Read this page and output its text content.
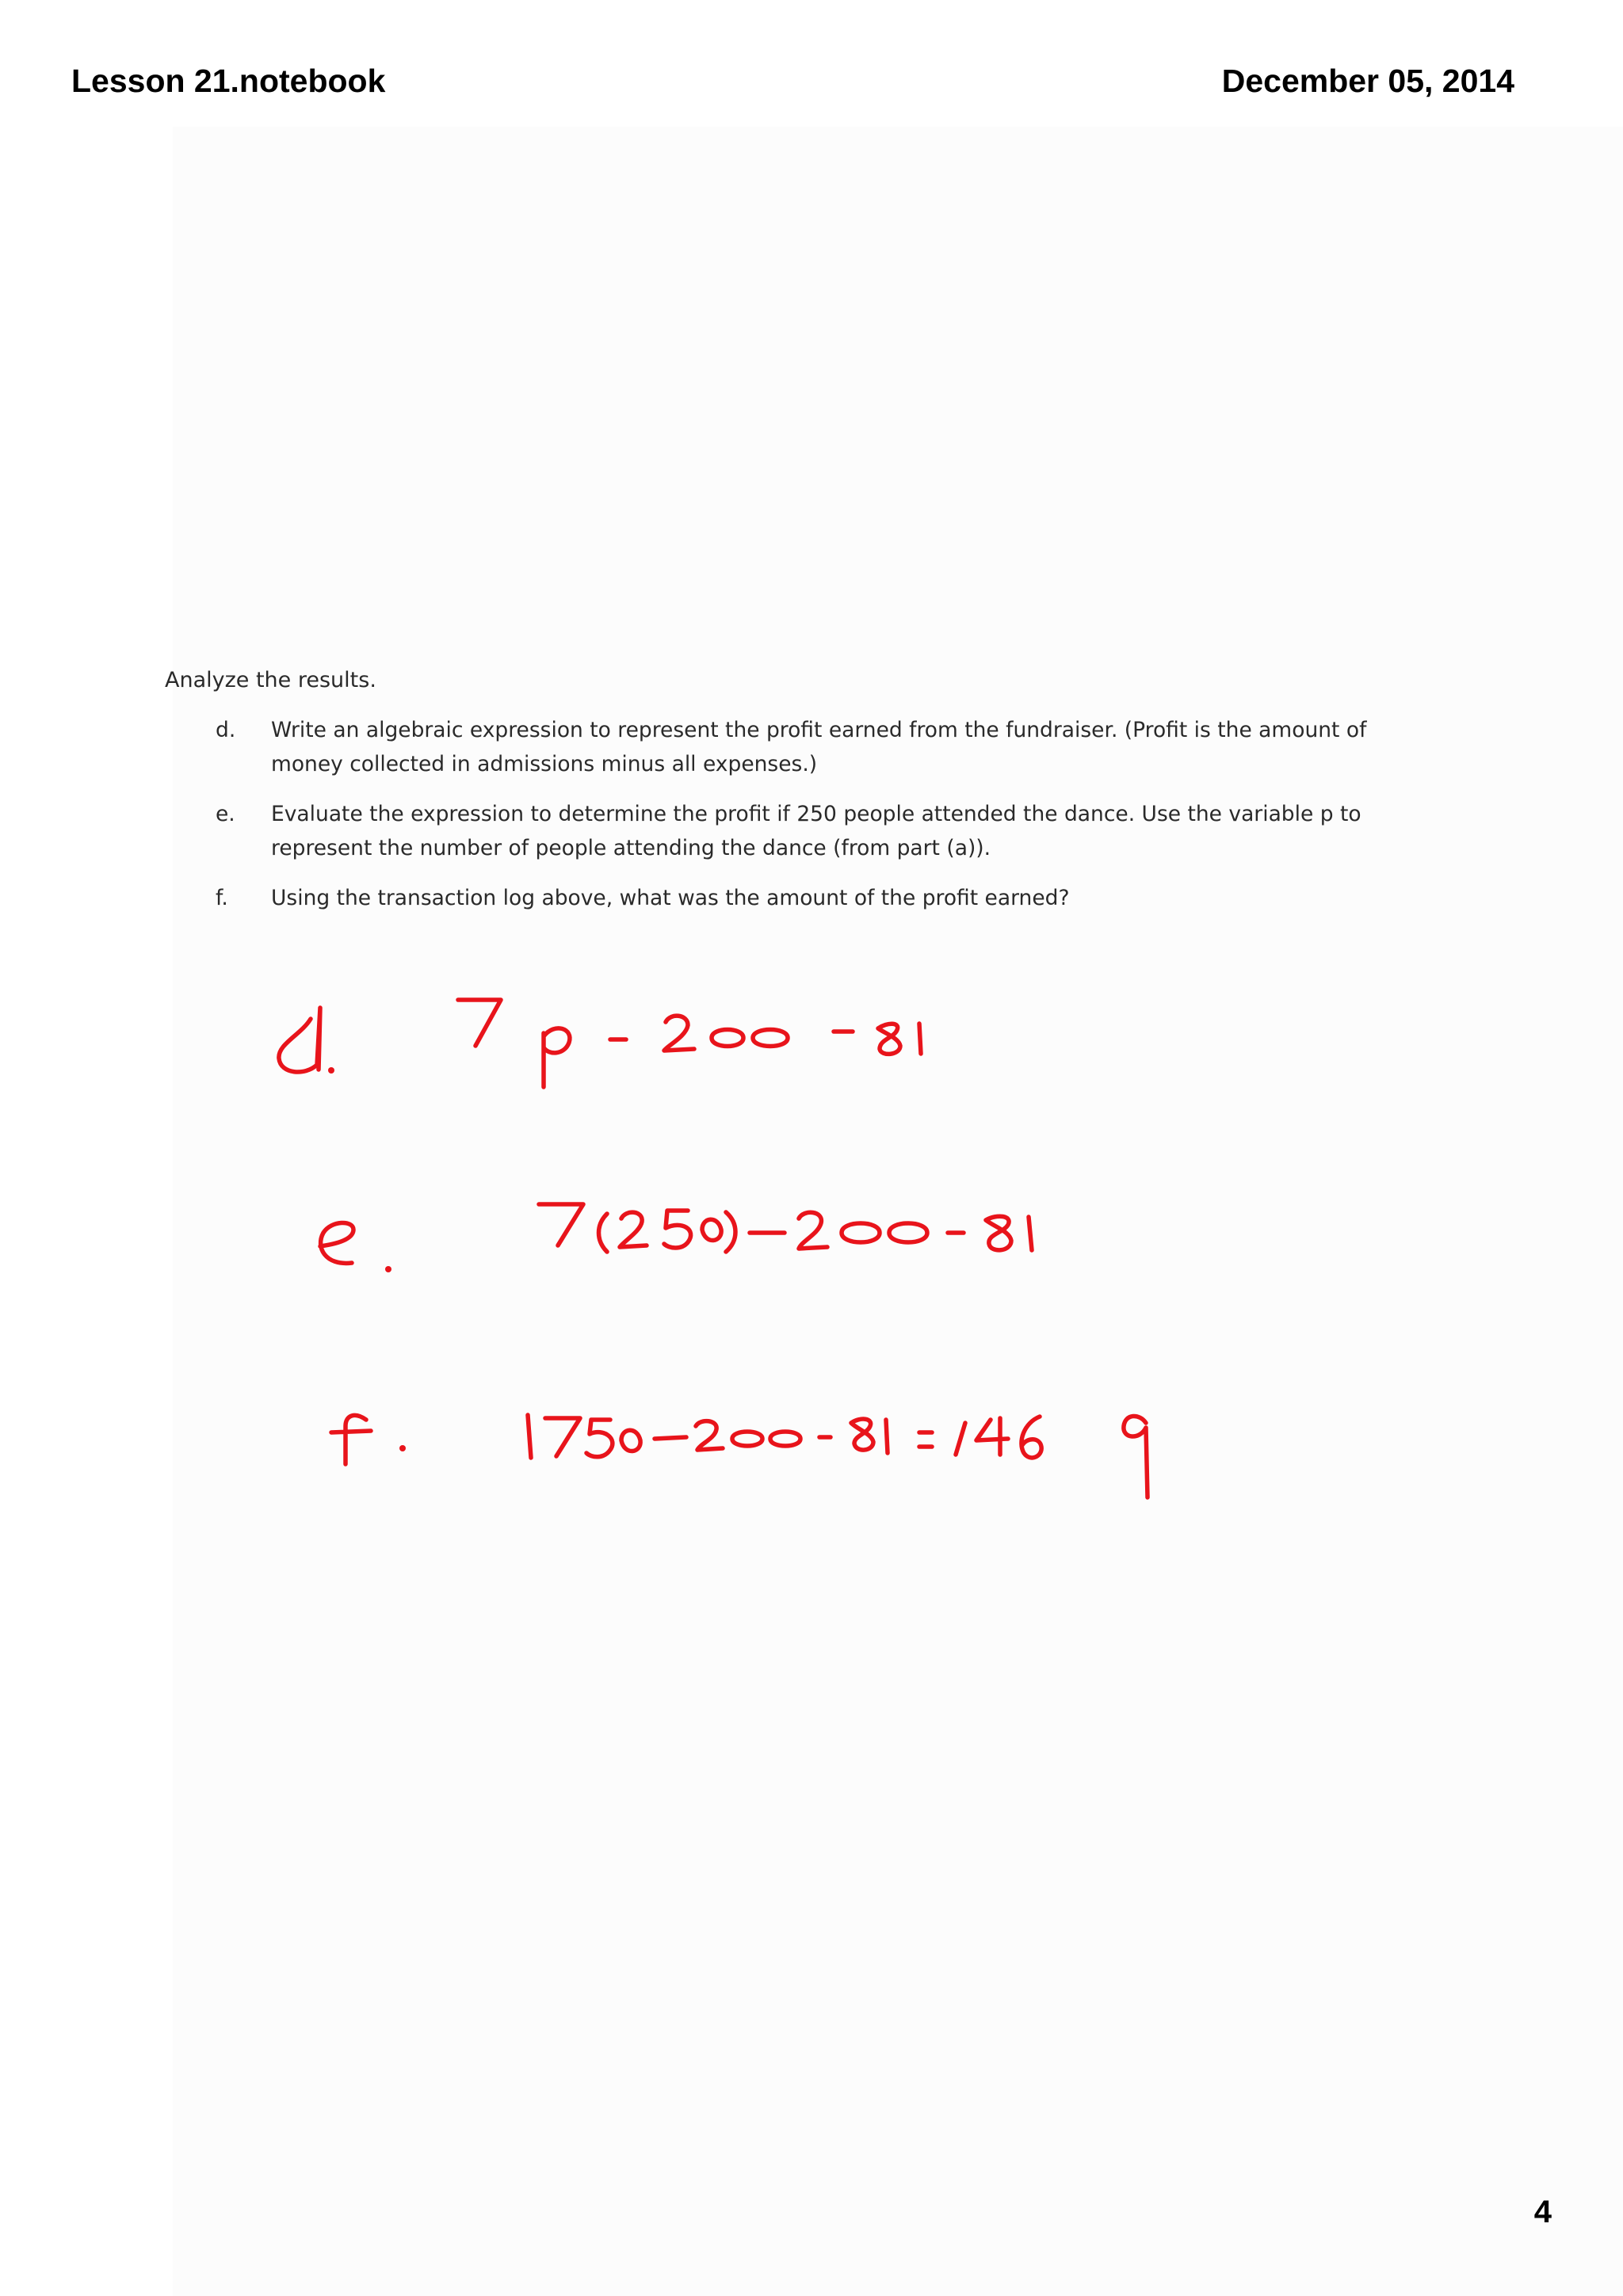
Lesson 21.notebook	December 05, 2014
Analyze the results.
d.	Write an algebraic expression to represent the profit earned from the fundraiser. (Profit is the amount of money collected in admissions minus all expenses.)
e.	Evaluate the expression to determine the profit if 250 people attended the dance. Use the variable p to represent the number of people attending the dance (from part (a)).
f.	Using the transaction log above, what was the amount of the profit earned?
4
